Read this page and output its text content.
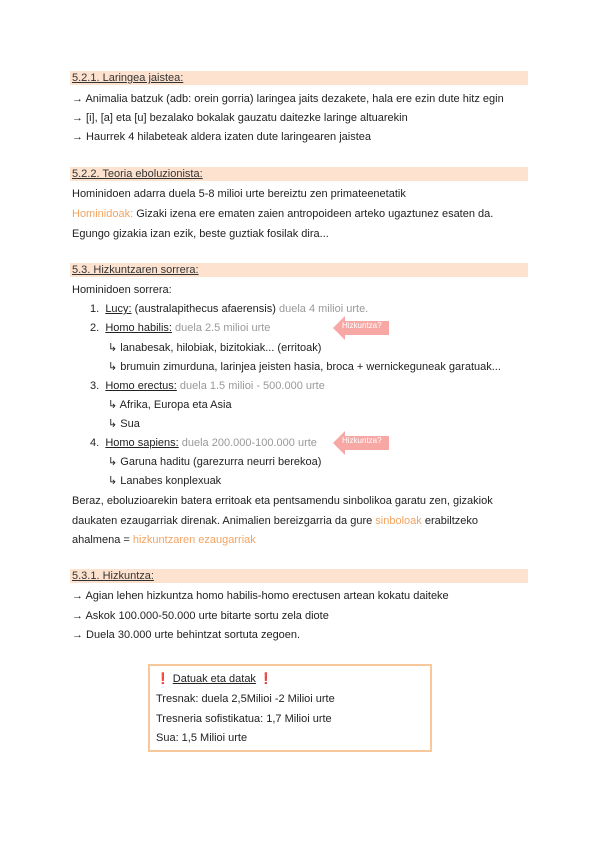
5.2.1. Laringea jaistea:
→ Animalia batzuk (adb: orein gorria) laringea jaits dezakete, hala ere ezin dute hitz egin
→ [i], [a] eta [u] bezalako bokalak gauzatu daitezke laringe altuarekin
→ Haurrek 4 hilabeteak aldera izaten dute laringearen jaistea
5.2.2. Teoria eboluzionista:
Hominidoen adarra duela 5-8 milioi urte bereiztu zen primateenetatik
Hominidoak: Gizaki izena ere ematen zaien antropoideen arteko ugaztunez esaten da.
Egungo gizakia izan ezik, beste guztiak fosilak dira...
5.3. Hizkuntzaren sorrera:
Hominidoen sorrera:
1. Lucy: (australapithecus afaerensis) duela 4 milioi urte.
2. Homo habilis: duela 2.5 milioi urte
↳ lanabesak, hilobiak, bizitokiak... (erritoak)
↳ brumuin zimurduna, larinjea jeisten hasia, broca + wernickeguneak garatuak...
3. Homo erectus: duela 1.5 milioi - 500.000 urte
↳ Afrika, Europa eta Asia
↳ Sua
4. Homo sapiens: duela 200.000-100.000 urte
↳ Garuna haditu (garezurra neurri berekoa)
↳ Lanabes konplexuak
Hizkuntza?
Hizkuntza?
Beraz, eboluzioarekin batera erritoak eta pentsamendu sinbolikoa garatu zen, gizakiok
daukaten ezaugarriak direnak. Animalien bereizgarria da gure sinboloak erabiltzeko
ahalmena = hizkuntzaren ezaugarriak
5.3.1. Hizkuntza:
→ Agian lehen hizkuntza homo habilis-homo erectusen artean kokatu daiteke
→ Askok 100.000-50.000 urte bitarte sortu zela diote
→ Duela 30.000 urte behintzat sortuta zegoen.
❗ Datuak eta datak ❗
Tresnak: duela 2,5Milioi -2 Milioi urte
Tresneria sofistikatua: 1,7 Milioi urte
Sua: 1,5 Milioi urte
